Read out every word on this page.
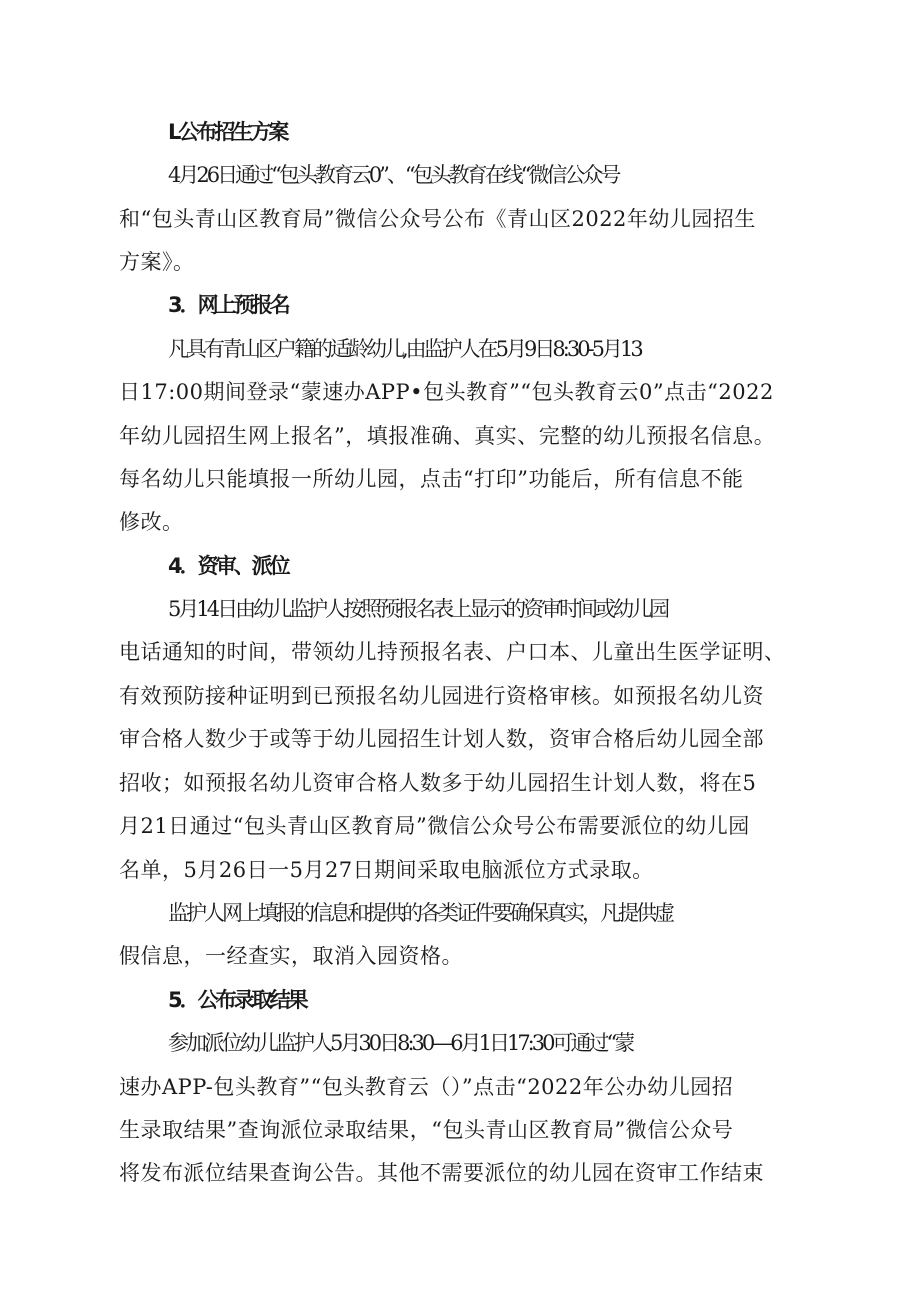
L公布招生方案
4月26日通过“包头教育云0”、“包头教育在线“微信公众号
和“包头青山区教育局”微信公众号公布《青山区2022年幼儿园招生
方案》。
3．网上预报名
凡具有青山区户籍的适龄幼儿,由监护人在5月9日8:30-5月13
日17:00期间登录“蒙速办APP•包头教育”“包头教育云0”点击“2022
年幼儿园招生网上报名”，填报准确、真实、完整的幼儿预报名信息。
每名幼儿只能填报一所幼儿园，点击“打印”功能后，所有信息不能
修改。
4．资审、派位
5月14日由幼儿监护人按照预报名表上显示的资审时间或幼儿园
电话通知的时间，带领幼儿持预报名表、户口本、儿童出生医学证明、
有效预防接种证明到已预报名幼儿园进行资格审核。如预报名幼儿资
审合格人数少于或等于幼儿园招生计划人数，资审合格后幼儿园全部
招收；如预报名幼儿资审合格人数多于幼儿园招生计划人数，将在5
月21日通过“包头青山区教育局”微信公众号公布需要派位的幼儿园
名单，5月26日一5月27日期间采取电脑派位方式录取。
监护人网上填报的信息和提供的各类证件要确保真实，凡提供虚
假信息，一经查实，取消入园资格。
5．公布录取结果
参加派位幼儿监护人5月30日8:30—6月1日17:30可通过“蒙
速办APP-包头教育”“包头教育云（）”点击“2022年公办幼儿园招
生录取结果”查询派位录取结果，“包头青山区教育局”微信公众号
将发布派位结果查询公告。其他不需要派位的幼儿园在资审工作结束
